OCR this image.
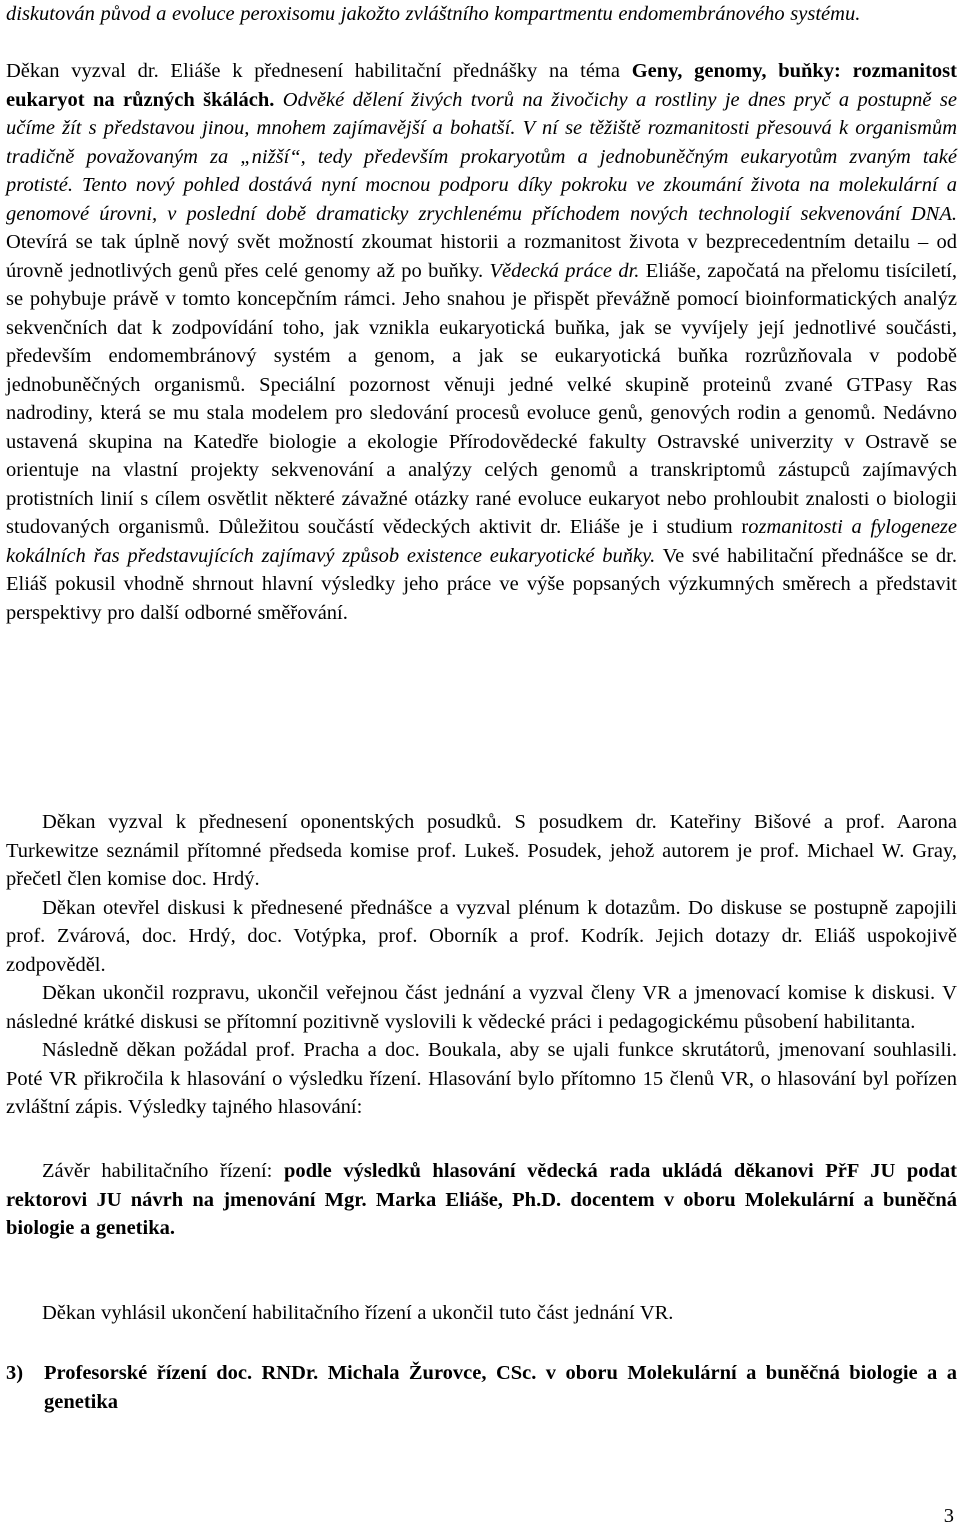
diskutován původ a evoluce peroxisomu jakožto zvláštního kompartmentu endomembránového systému.

Děkan vyzval dr. Eliáše k přednesení habilitační přednášky na téma Geny, genomy, buňky: rozmanitost eukaryot na různých škálách. Odvěké dělení živých tvorů na živočichy a rostliny je dnes pryč a postupně se učíme žít s představou jinou, mnohem zajímavější a bohatší. V ní se těžiště rozmanitosti přesouvá k organismům tradičně považovaným za „nižší“, tedy především prokaryotům a jednobuněčným eukaryotům zvaným také protisté. Tento nový pohled dostává nyní mocnou podporu díky pokroku ve zkoumání života na molekulární a genomové úrovni, v poslední době dramaticky zrychlenému příchodem nových technologií sekvenování DNA. Otevírá se tak úplně nový svět možností zkoumat historii a rozmanitost života v bezprecedentním detailu – od úrovně jednotlivých genů přes celé genomy až po buňky. Vědecká práce dr. Eliáše, započatá na přelomu tisíciletí, se pohybuje právě v tomto koncepčním rámci. Jeho snahou je přispět převážně pomocí bioinformatických analýz sekvenčních dat k zodpovídání toho, jak vznikla eukaryotická buňka, jak se vyvíjely její jednotlivé součásti, především endomembránový systém a genom, a jak se eukaryotická buňka rozrůzňovala v podobě jednobuněčných organismů. Speciální pozornost věnuji jedné velké skupině proteinů zvané GTPasy Ras nadrodiny, která se mu stala modelem pro sledování procesů evoluce genů, genových rodin a genomů. Nedávno ustavená skupina na Katedře biologie a ekologie Přírodovědecké fakulty Ostravské univerzity v Ostravě se orientuje na vlastní projekty sekvenování a analýzy celých genomů a transkriptomů zástupců zajímavých protistních linií s cílem osvětlit některé závažné otázky rané evoluce eukaryot nebo prohloubit znalosti o biologii studovaných organismů. Důležitou součástí vědeckých aktivit dr. Eliáše je i studium rozmanitosti a fylogeneze kokálních řas představujících zajímavý způsob existence eukaryotické buňky. Ve své habilitační přednášce se dr. Eliáš pokusil vhodně shrnout hlavní výsledky jeho práce ve výše popsaných výzkumných směrech a představit perspektivy pro další odborné směřování.

Děkan vyzval k přednesení oponentských posudků. S posudkem dr. Kateřiny Bišové a prof. Aarona Turkewitze seznámil přítomné předseda komise prof. Lukeš. Posudek, jehož autorem je prof. Michael W. Gray, přečetl člen komise doc. Hrdý.

Děkan otevřel diskusi k přednesené přednášce a vyzval plénum k dotazům. Do diskuse se postupně zapojili prof. Zvárová, doc. Hrdý, doc. Votýpka, prof. Oborník a prof. Kodrík. Jejich dotazy dr. Eliáš uspokojivě zodpověděl.

Děkan ukončil rozpravu, ukončil veřejnou část jednání a vyzval členy VR a jmenovací komise k diskusi. V následné krátké diskusi se přítomní pozitivně vyslovili k vědecké práci i pedagogickému působení habilitanta.

Následně děkan požádal prof. Pracha a doc. Boukala, aby se ujali funkce skrutátorů, jmenovaní souhlasili. Poté VR přikročila k hlasování o výsledku řízení. Hlasování bylo přítomno 15 členů VR, o hlasování byl pořízen zvláštní zápis. Výsledky tajného hlasování:

Závěr habilitačního řízení: podle výsledků hlasování vědecká rada ukládá děkanovi PřF JU podat rektorovi JU návrh na jmenování Mgr. Marka Eliáše, Ph.D. docentem v oboru Molekulární a buněčná biologie a genetika.

Děkan vyhlásil ukončení habilitačního řízení a ukončil tuto část jednání VR.

3) Profesorské řízení doc. RNDr. Michala Žurovce, CSc. v oboru Molekulární a buněčná biologie a a genetika
3
